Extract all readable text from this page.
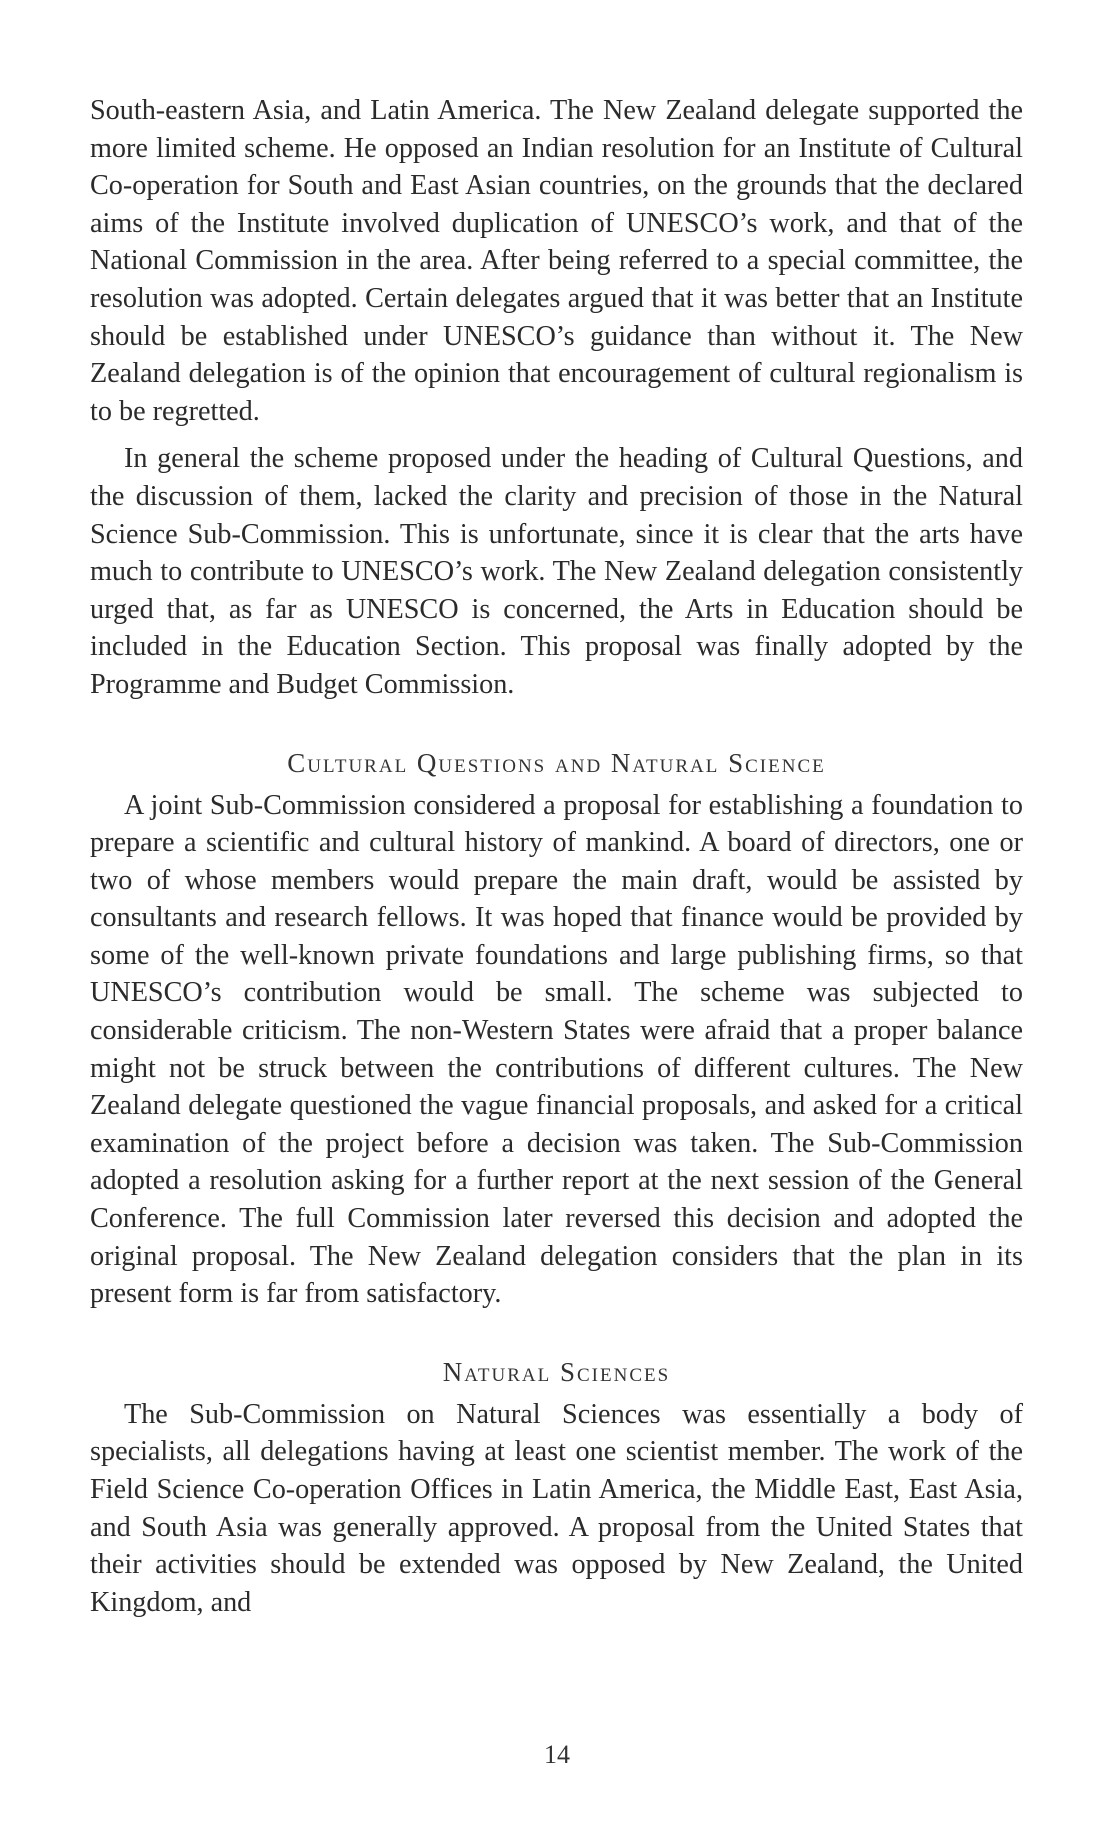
South-eastern Asia, and Latin America. The New Zealand delegate supported the more limited scheme. He opposed an Indian resolution for an Institute of Cultural Co-operation for South and East Asian countries, on the grounds that the declared aims of the Institute involved duplication of UNESCO’s work, and that of the National Commission in the area. After being referred to a special committee, the resolution was adopted. Certain delegates argued that it was better that an Institute should be established under UNESCO’s guidance than without it. The New Zealand delegation is of the opinion that encouragement of cultural regionalism is to be regretted.

In general the scheme proposed under the heading of Cultural Questions, and the discussion of them, lacked the clarity and precision of those in the Natural Science Sub-Commission. This is unfortunate, since it is clear that the arts have much to contribute to UNESCO’s work. The New Zealand delegation consistently urged that, as far as UNESCO is concerned, the Arts in Education should be included in the Education Section. This proposal was finally adopted by the Programme and Budget Commission.

Cultural Questions and Natural Science

A joint Sub-Commission considered a proposal for establishing a foundation to prepare a scientific and cultural history of mankind. A board of directors, one or two of whose members would prepare the main draft, would be assisted by consultants and research fellows. It was hoped that finance would be provided by some of the well-known private foundations and large publishing firms, so that UNESCO’s contribution would be small. The scheme was subjected to considerable criticism. The non-Western States were afraid that a proper balance might not be struck between the contributions of different cultures. The New Zealand delegate questioned the vague financial proposals, and asked for a critical examination of the project before a decision was taken. The Sub-Commission adopted a resolution asking for a further report at the next session of the General Conference. The full Commission later reversed this decision and adopted the original proposal. The New Zealand delegation considers that the plan in its present form is far from satisfactory.

Natural Sciences

The Sub-Commission on Natural Sciences was essentially a body of specialists, all delegations having at least one scientist member. The work of the Field Science Co-operation Offices in Latin America, the Middle East, East Asia, and South Asia was generally approved. A proposal from the United States that their activities should be extended was opposed by New Zealand, the United Kingdom, and

14
